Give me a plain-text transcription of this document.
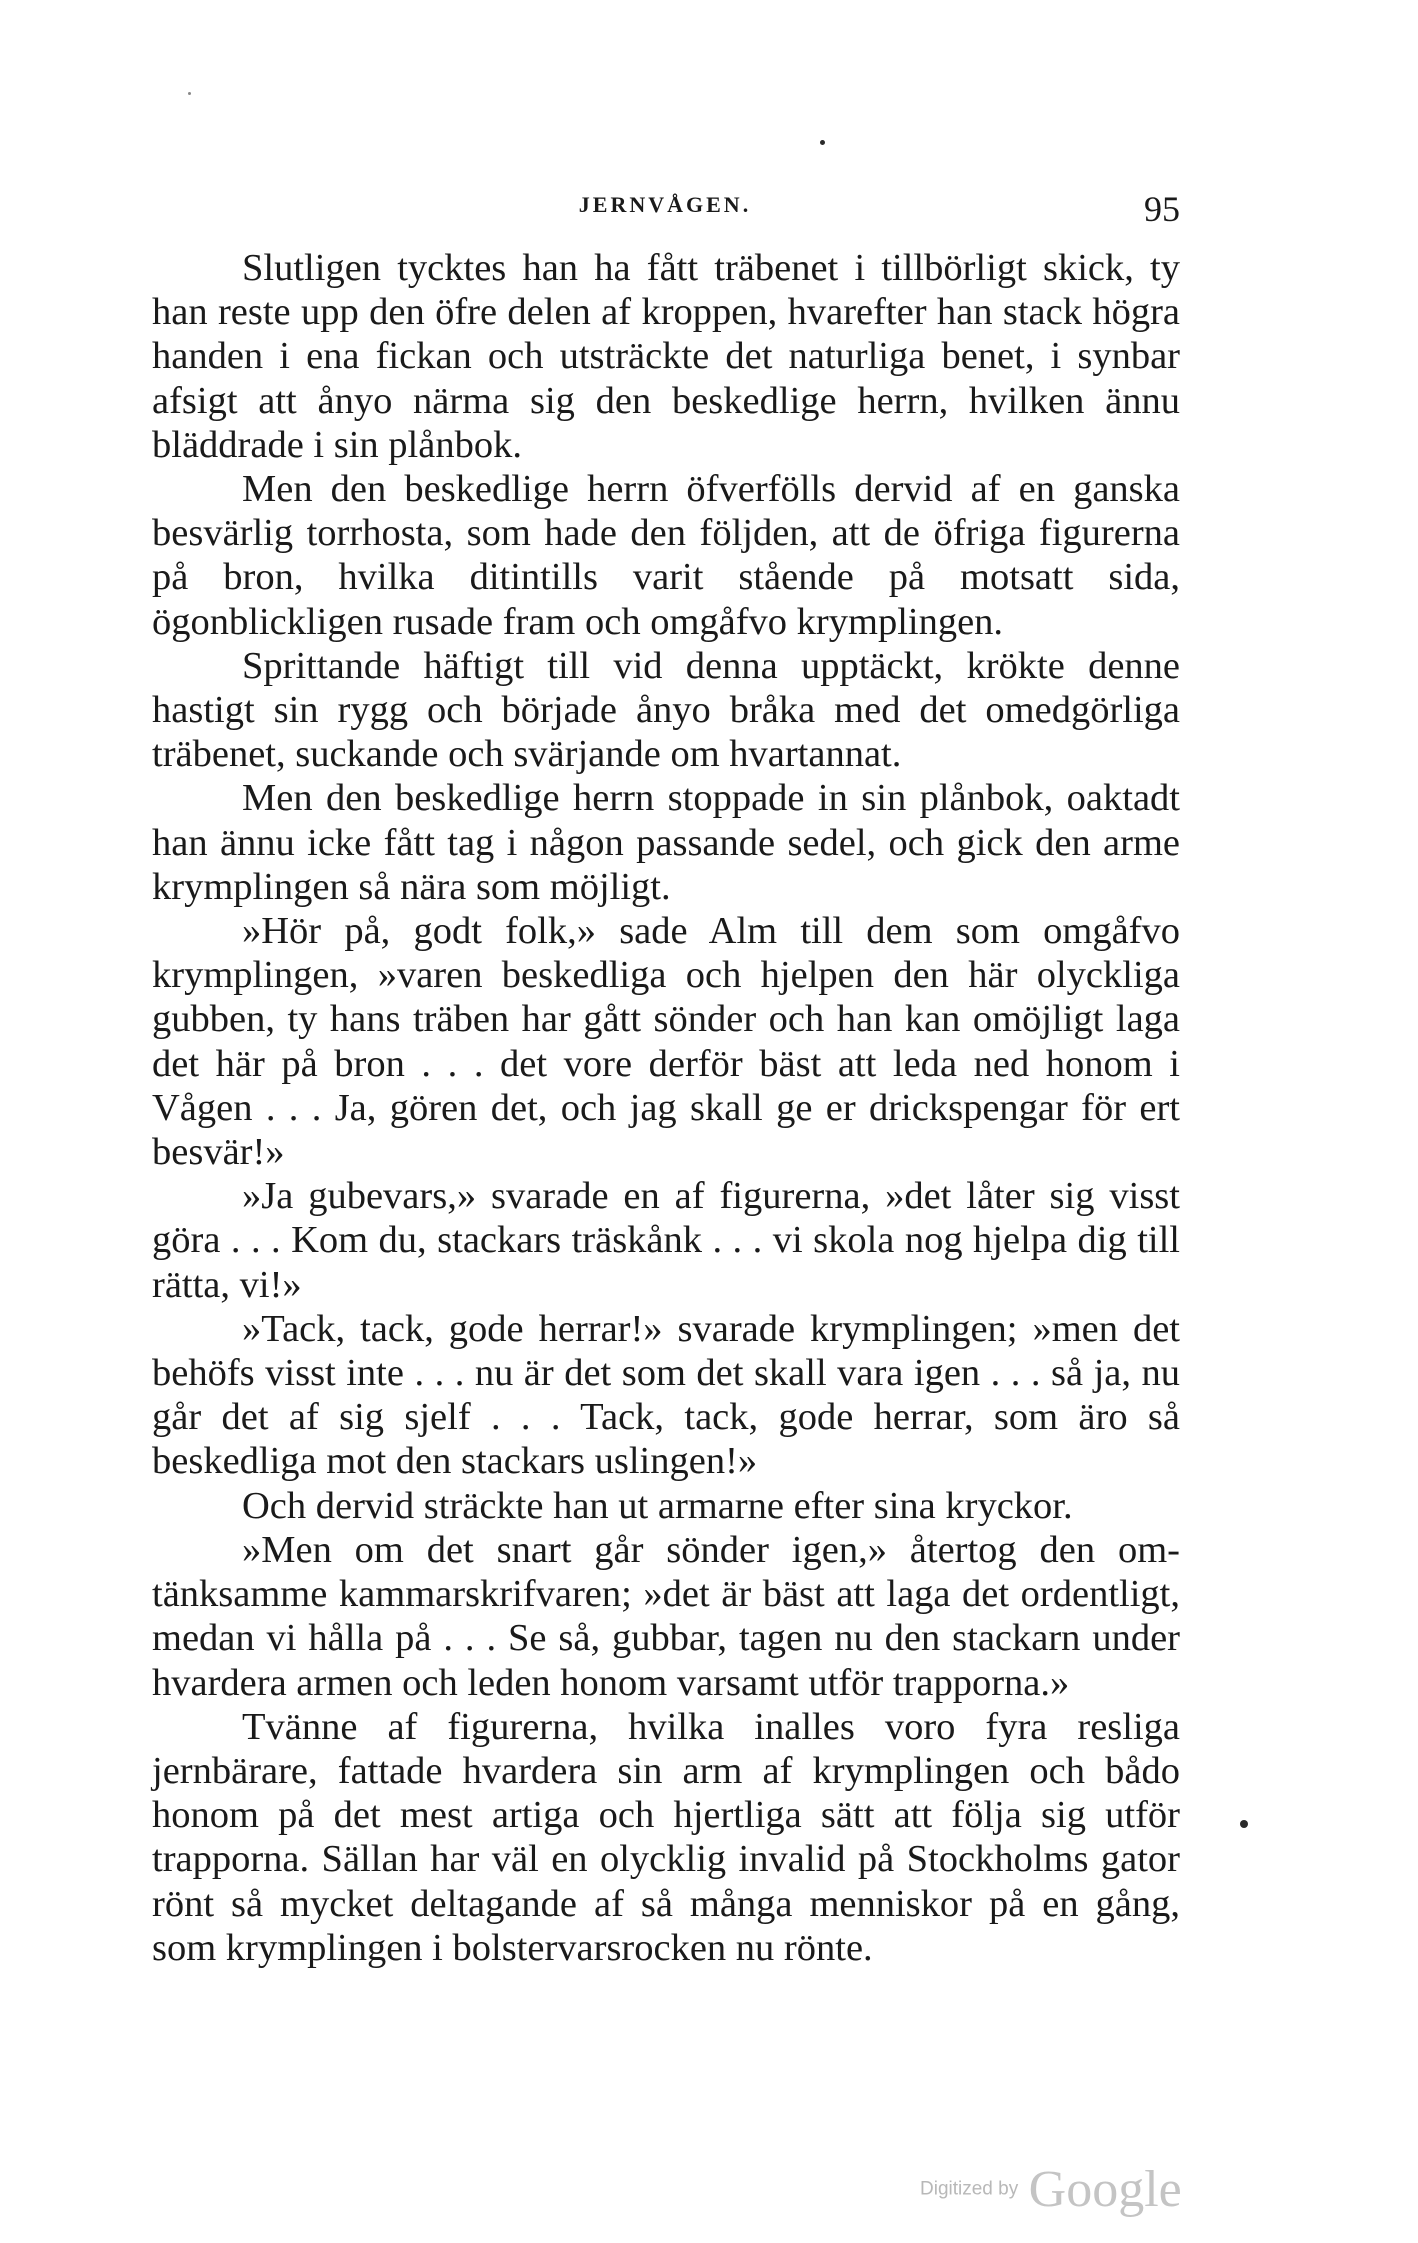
JERNVÅGEN.	95

Slutligen tycktes han ha fått träbenet i tillbörligt skick, ty han reste upp den öfre delen af kroppen, hvarefter han stack högra handen i ena fickan och utsträckte det naturliga benet, i synbar afsigt att ånyo närma sig den beskedlige herrn, hvilken ännu bläddrade i sin plånbok.

Men den beskedlige herrn öfverfölls dervid af en ganska besvärlig torrhosta, som hade den följden, att de öfriga figurerna på bron, hvilka ditintills varit stående på motsatt sida, ögonblickligen rusade fram och omgåfvo krymplingen.

Sprittande häftigt till vid denna upptäckt, krökte denne hastigt sin rygg och började ånyo bråka med det omedgörliga träbenet, suckande och svärjande om hvartannat.

Men den beskedlige herrn stoppade in sin plånbok, oaktadt han ännu icke fått tag i någon passande sedel, och gick den arme krymplingen så nära som möjligt.

»Hör på, godt folk,» sade Alm till dem som omgåfvo krymplingen, »varen beskedliga och hjelpen den här olyckliga gubben, ty hans träben har gått sönder och han kan omöjligt laga det här på bron . . . det vore derför bäst att leda ned honom i Vågen . . . Ja, gören det, och jag skall ge er drickspengar för ert besvär!»

»Ja gubevars,» svarade en af figurerna, »det låter sig visst göra . . . Kom du, stackars träskånk . . . vi skola nog hjelpa dig till rätta, vi!»

»Tack, tack, gode herrar!» svarade krymplingen; »men det behöfs visst inte . . . nu är det som det skall vara igen . . . så ja, nu går det af sig sjelf . . . Tack, tack, gode herrar, som äro så beskedliga mot den stackars uslingen!»

Och dervid sträckte han ut armarne efter sina kryckor.

»Men om det snart går sönder igen,» återtog den omtänksamme kammarskrifvaren; »det är bäst att laga det ordentligt, medan vi hålla på . . . Se så, gubbar, tagen nu den stackarn under hvardera armen och leden honom varsamt utför trapporna.»

Tvänne af figurerna, hvilka inalles voro fyra resliga jernbärare, fattade hvardera sin arm af krymplingen och bådo honom på det mest artiga och hjertliga sätt att följa sig utför trapporna. Sällan har väl en olycklig invalid på Stockholms gator rönt så mycket deltagande af så många menniskor på en gång, som krymplingen i bolstervarsrocken nu rönte.

Digitized by Google
